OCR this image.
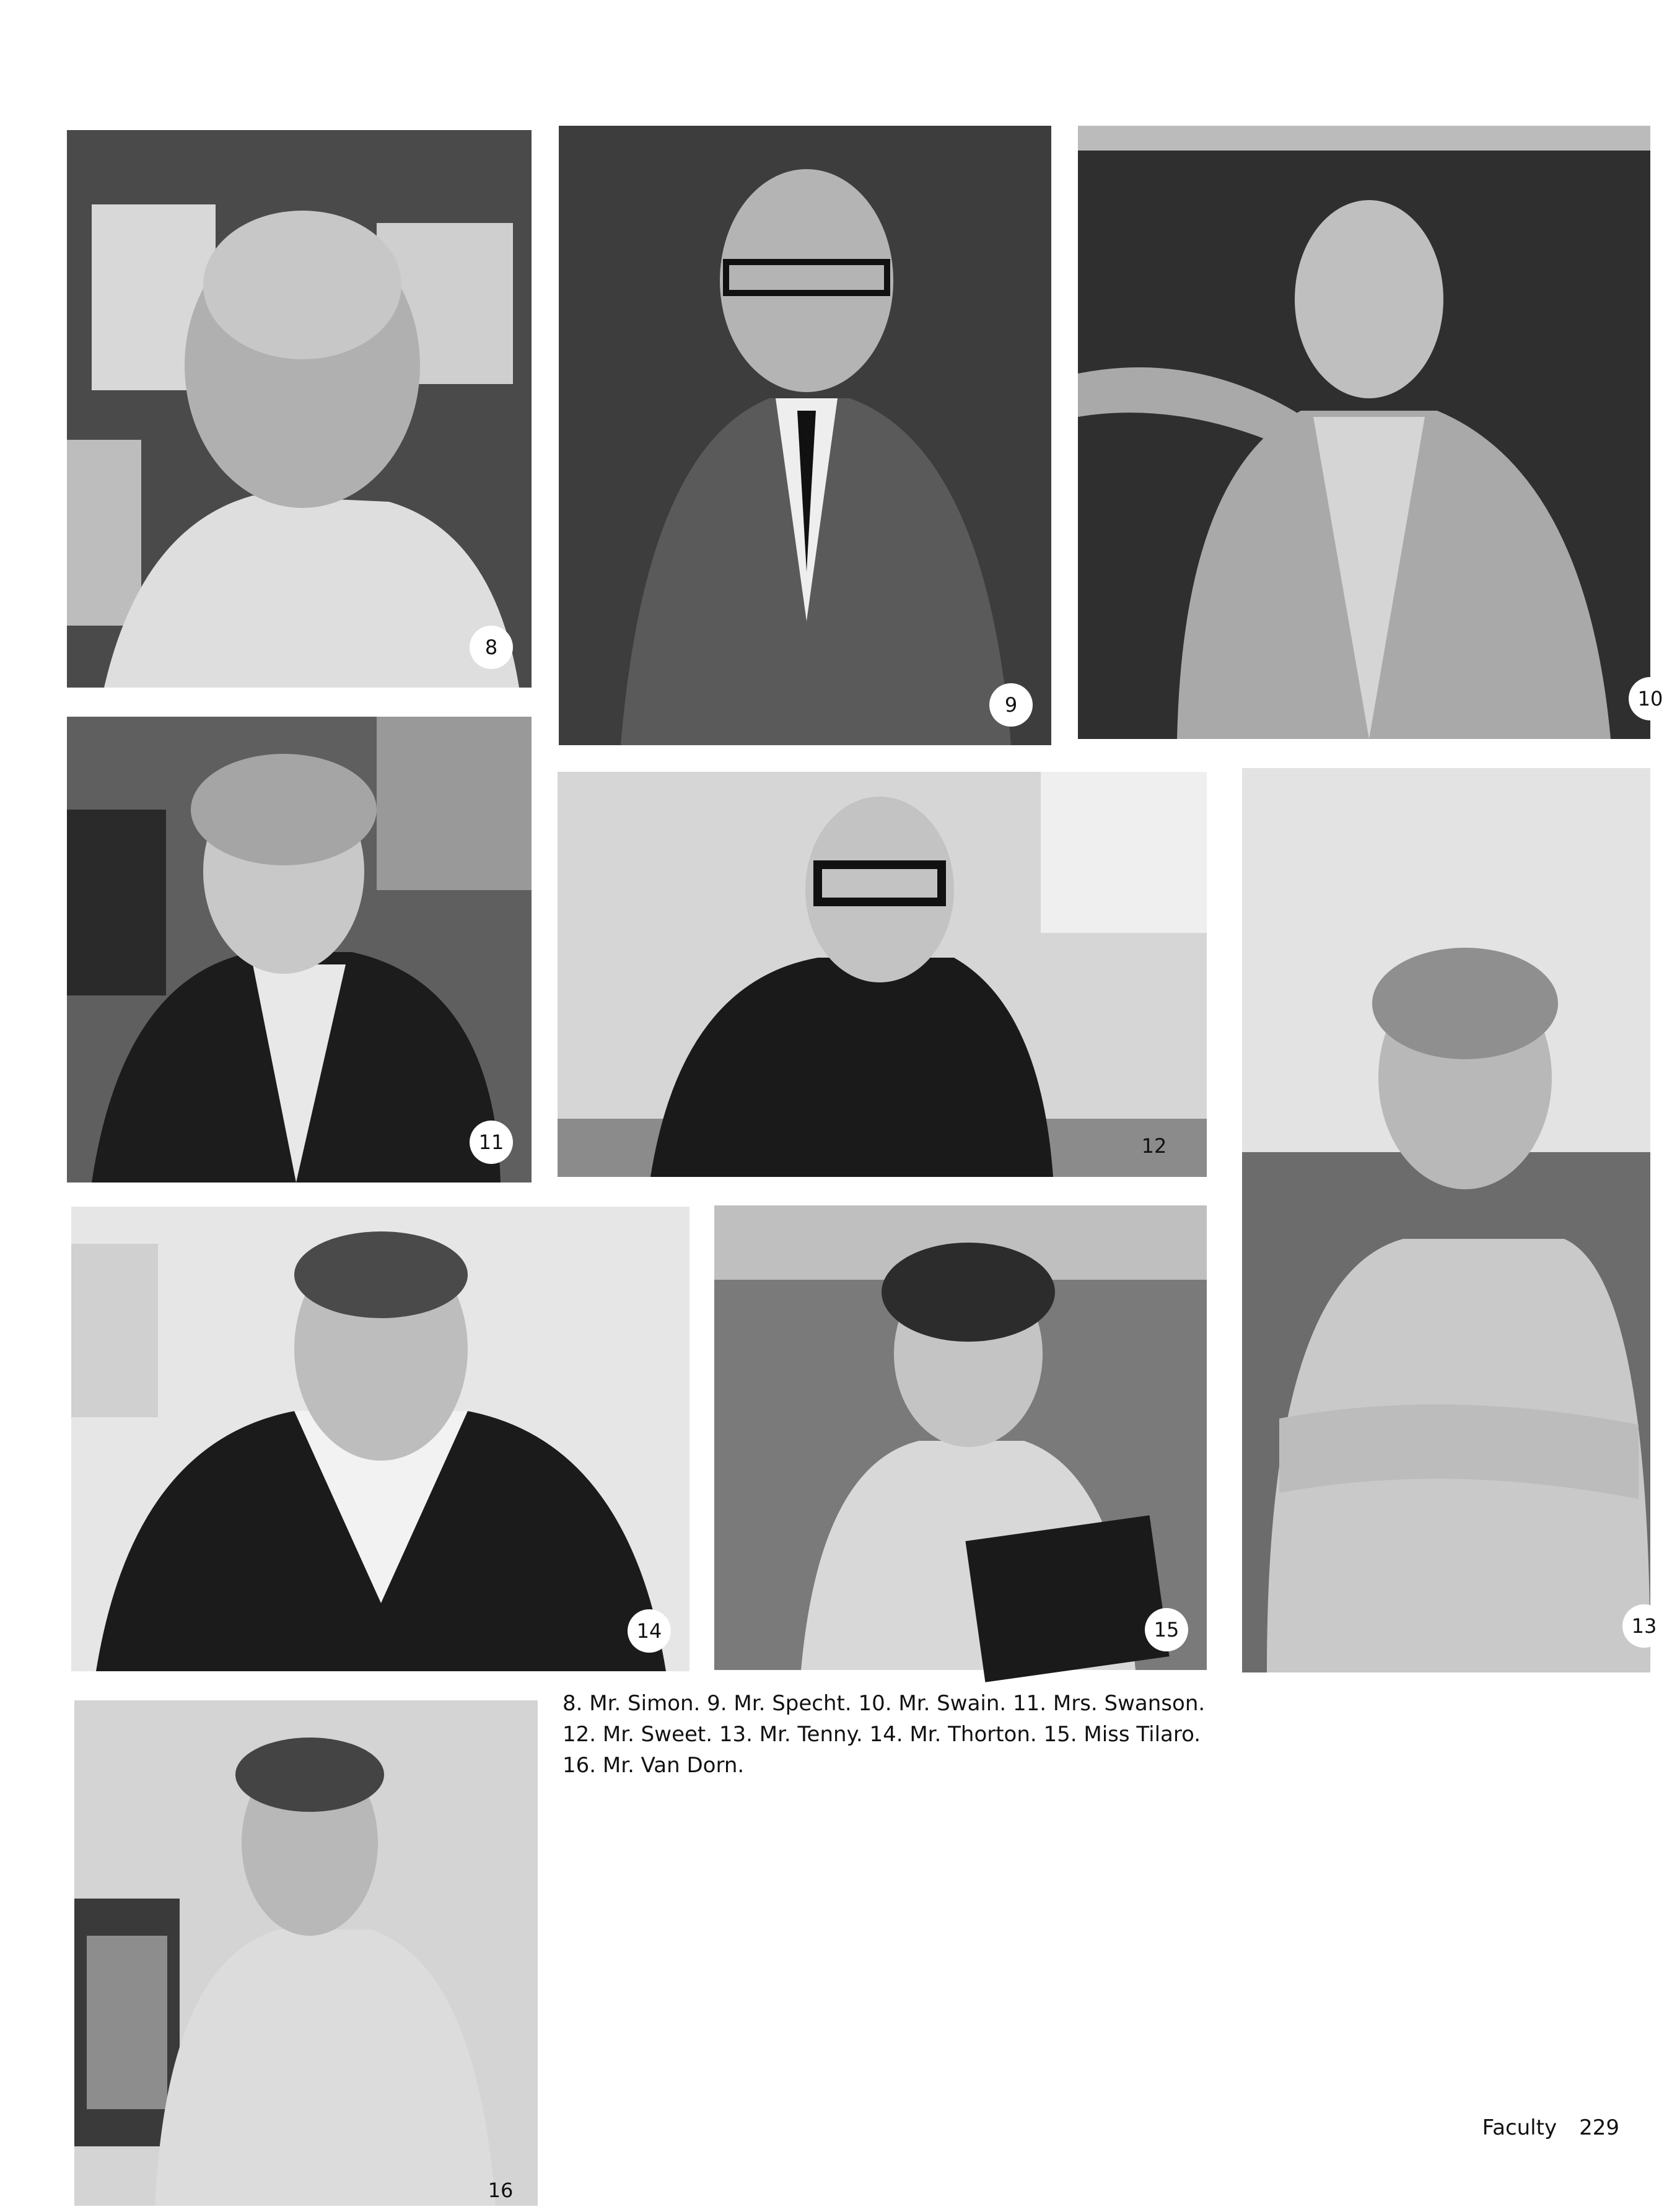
8
9	10
11	12
13
14	15
16
8. Mr. Simon. 9. Mr. Specht. 10. Mr. Swain. 11. Mrs. Swanson.
12. Mr. Sweet. 13. Mr. Tenny. 14. Mr. Thorton. 15. Miss Tilaro.
16. Mr. Van Dorn.
Faculty 229
